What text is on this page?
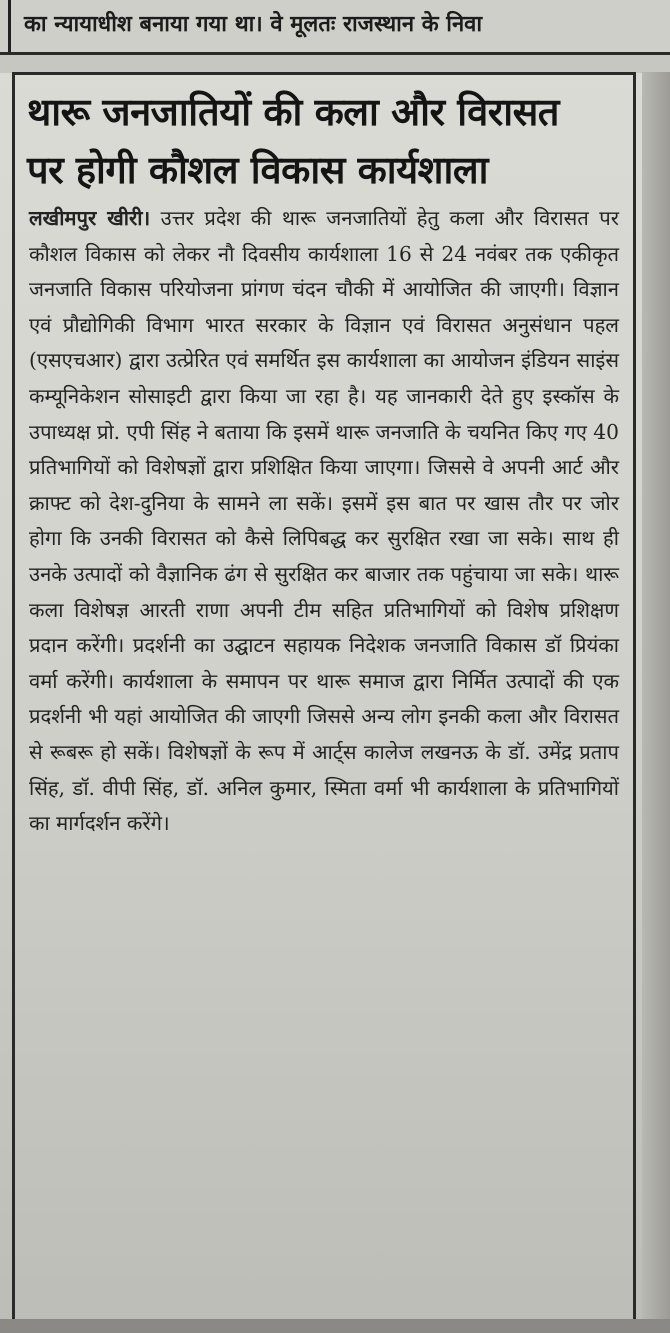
का न्यायाधीश बनाया गया था। वे मूलतः राजस्थान के निवा
थारू जनजातियों की कला और विरासत
पर होगी कौशल विकास कार्यशाला

लखीमपुर खीरी। उत्तर प्रदेश की थारू जनजातियों हेतु कला और विरासत पर कौशल विकास को लेकर नौ दिवसीय कार्यशाला 16 से 24 नवंबर तक एकीकृत जनजाति विकास परियोजना प्रांगण चंदन चौकी में आयोजित की जाएगी। विज्ञान एवं प्रौद्योगिकी विभाग भारत सरकार के विज्ञान एवं विरासत अनुसंधान पहल (एसएचआर) द्वारा उत्प्रेरित एवं समर्थित इस कार्यशाला का आयोजन इंडियन साइंस कम्यूनिकेशन सोसाइटी द्वारा किया जा रहा है। यह जानकारी देते हुए इस्कॉस के उपाध्यक्ष प्रो. एपी सिंह ने बताया कि इसमें थारू जनजाति के चयनित किए गए 40 प्रतिभागियों को विशेषज्ञों द्वारा प्रशिक्षित किया जाएगा। जिससे वे अपनी आर्ट और क्राफ्ट को देश-दुनिया के सामने ला सकें। इसमें इस बात पर खास तौर पर जोर होगा कि उनकी विरासत को कैसे लिपिबद्ध कर सुरक्षित रखा जा सके। साथ ही उनके उत्पादों को वैज्ञानिक ढंग से सुरक्षित कर बाजार तक पहुंचाया जा सके। थारू कला विशेषज्ञ आरती राणा अपनी टीम सहित प्रतिभागियों को विशेष प्रशिक्षण प्रदान करेंगी। प्रदर्शनी का उद्घाटन सहायक निदेशक जनजाति विकास डॉ प्रियंका वर्मा करेंगी। कार्यशाला के समापन पर थारू समाज द्वारा निर्मित उत्पादों की एक प्रदर्शनी भी यहां आयोजित की जाएगी जिससे अन्य लोग इनकी कला और विरासत से रूबरू हो सकें। विशेषज्ञों के रूप में आर्ट्स कालेज लखनऊ के डॉ. उमेंद्र प्रताप सिंह, डॉ. वीपी सिंह, डॉ. अनिल कुमार, स्मिता वर्मा भी कार्यशाला के प्रतिभागियों का मार्गदर्शन करेंगे।
